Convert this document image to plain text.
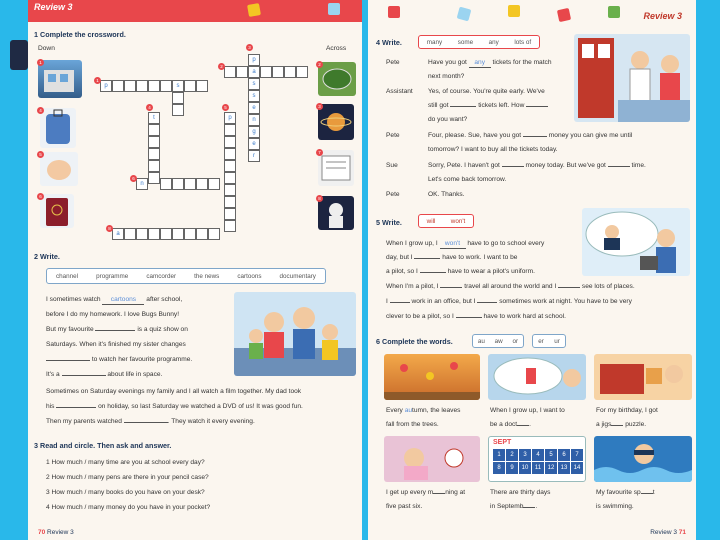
Review 3
1 Complete the crossword.
Down	Across
1
4
5
6
2
3
7
8
a
2
p
3
s
s
e
n
g
e
r
p	s
1
t
4
p
5
n
6
a
8
2 Write.
channel	programme	camcorder	the news	cartoons	documentary
I sometimes watch cartoons after school,
before I do my homework. I love Bugs Bunny!
But my favourite	is a quiz show on
Saturdays. When it's finished my sister changes
to watch her favourite programme.
It's a	about life in space.
Sometimes on Saturday evenings my family and I all watch a film together. My dad took
his	on holiday, so last Saturday we watched a DVD of us! It was good fun.
Then my parents watched	. They watch it every evening.
3 Read and circle. Then ask and answer.
1 How much / many time are you at school every day?
2 How much / many pens are there in your pencil case?
3 How much / many books do you have on your desk?
4 How much / many money do you have in your pocket?
70 Review 3
Review 3
4 Write.	many some any lots of
Pete	Have you got any tickets for the match
next month?
Assistant Yes, of course. You're quite early. We've
still got	tickets left. How
do you want?
Pete	Four, please. Sue, have you got	money you can give me until
tomorrow? I want to buy all the tickets today.
Sue	Sorry, Pete. I haven't got	money today. But we've got	time.
Let's come back tomorrow.
Pete	OK. Thanks.
5 Write.	will won't
When I grow up, I won't have to go to school every
day, but I	have to work. I want to be
a pilot, so I	have to wear a pilot's uniform.
When I'm a pilot, I	travel all around the world and I	see lots of places.
I	work in an office, but I	sometimes work at night. You have to be very
clever to be a pilot, so I	have to work hard at school.
6 Complete the words.	au aw or	er ur
Every autumn, the leaves
fall from the trees.
When I grow up, I want to
be a doct .
For my birthday, I got
a jigs puzzle.
SEPT
1	2	3	4	5	6	7
8	9	10	11	12	13	14
I get up every m ning at
five past six.
There are thirty days
in Septemb .
My favourite sp t
is swimming.
Review 3 71
